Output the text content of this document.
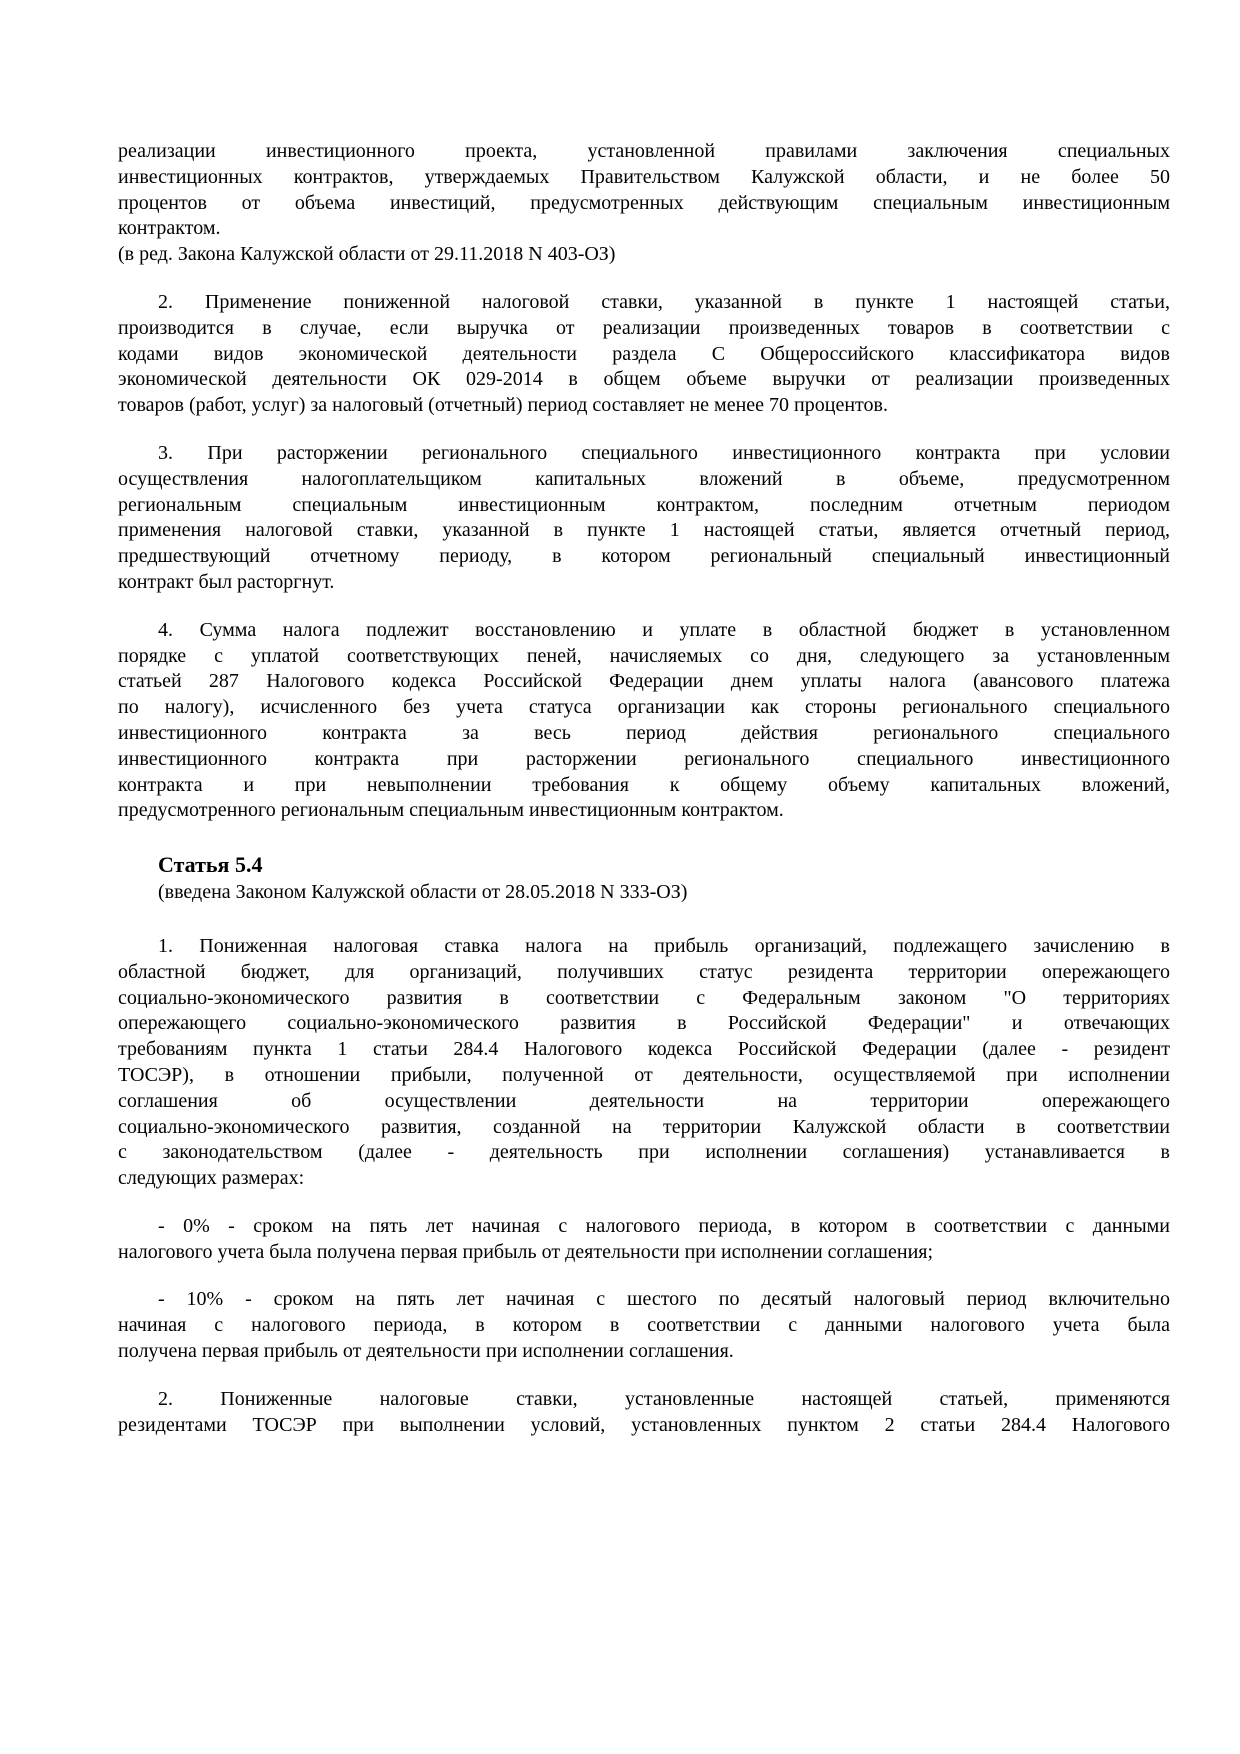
реализации инвестиционного проекта, установленной правилами заключения специальных
инвестиционных контрактов, утверждаемых Правительством Калужской области, и не более 50
процентов от объема инвестиций, предусмотренных действующим специальным инвестиционным
контрактом.
(в ред. Закона Калужской области от 29.11.2018 N 403-ОЗ)
2. Применение пониженной налоговой ставки, указанной в пункте 1 настоящей статьи,
производится в случае, если выручка от реализации произведенных товаров в соответствии с
кодами видов экономической деятельности раздела С Общероссийского классификатора видов
экономической деятельности ОК 029-2014 в общем объеме выручки от реализации произведенных
товаров (работ, услуг) за налоговый (отчетный) период составляет не менее 70 процентов.
3. При расторжении регионального специального инвестиционного контракта при условии
осуществления налогоплательщиком капитальных вложений в объеме, предусмотренном
региональным специальным инвестиционным контрактом, последним отчетным периодом
применения налоговой ставки, указанной в пункте 1 настоящей статьи, является отчетный период,
предшествующий отчетному периоду, в котором региональный специальный инвестиционный
контракт был расторгнут.
4. Сумма налога подлежит восстановлению и уплате в областной бюджет в установленном
порядке с уплатой соответствующих пеней, начисляемых со дня, следующего за установленным
статьей 287 Налогового кодекса Российской Федерации днем уплаты налога (авансового платежа
по налогу), исчисленного без учета статуса организации как стороны регионального специального
инвестиционного контракта за весь период действия регионального специального
инвестиционного контракта при расторжении регионального специального инвестиционного
контракта и при невыполнении требования к общему объему капитальных вложений,
предусмотренного региональным специальным инвестиционным контрактом.
Статья 5.4
(введена Законом Калужской области от 28.05.2018 N 333-ОЗ)
1. Пониженная налоговая ставка налога на прибыль организаций, подлежащего зачислению в
областной бюджет, для организаций, получивших статус резидента территории опережающего
социально-экономического развития в соответствии с Федеральным законом "О территориях
опережающего социально-экономического развития в Российской Федерации" и отвечающих
требованиям пункта 1 статьи 284.4 Налогового кодекса Российской Федерации (далее - резидент
ТОСЭР), в отношении прибыли, полученной от деятельности, осуществляемой при исполнении
соглашения об осуществлении деятельности на территории опережающего
социально-экономического развития, созданной на территории Калужской области в соответствии
с законодательством (далее - деятельность при исполнении соглашения) устанавливается в
следующих размерах:
- 0% - сроком на пять лет начиная с налогового периода, в котором в соответствии с данными
налогового учета была получена первая прибыль от деятельности при исполнении соглашения;
- 10% - сроком на пять лет начиная с шестого по десятый налоговый период включительно
начиная с налогового периода, в котором в соответствии с данными налогового учета была
получена первая прибыль от деятельности при исполнении соглашения.
2. Пониженные налоговые ставки, установленные настоящей статьей, применяются
резидентами ТОСЭР при выполнении условий, установленных пунктом 2 статьи 284.4 Налогового
